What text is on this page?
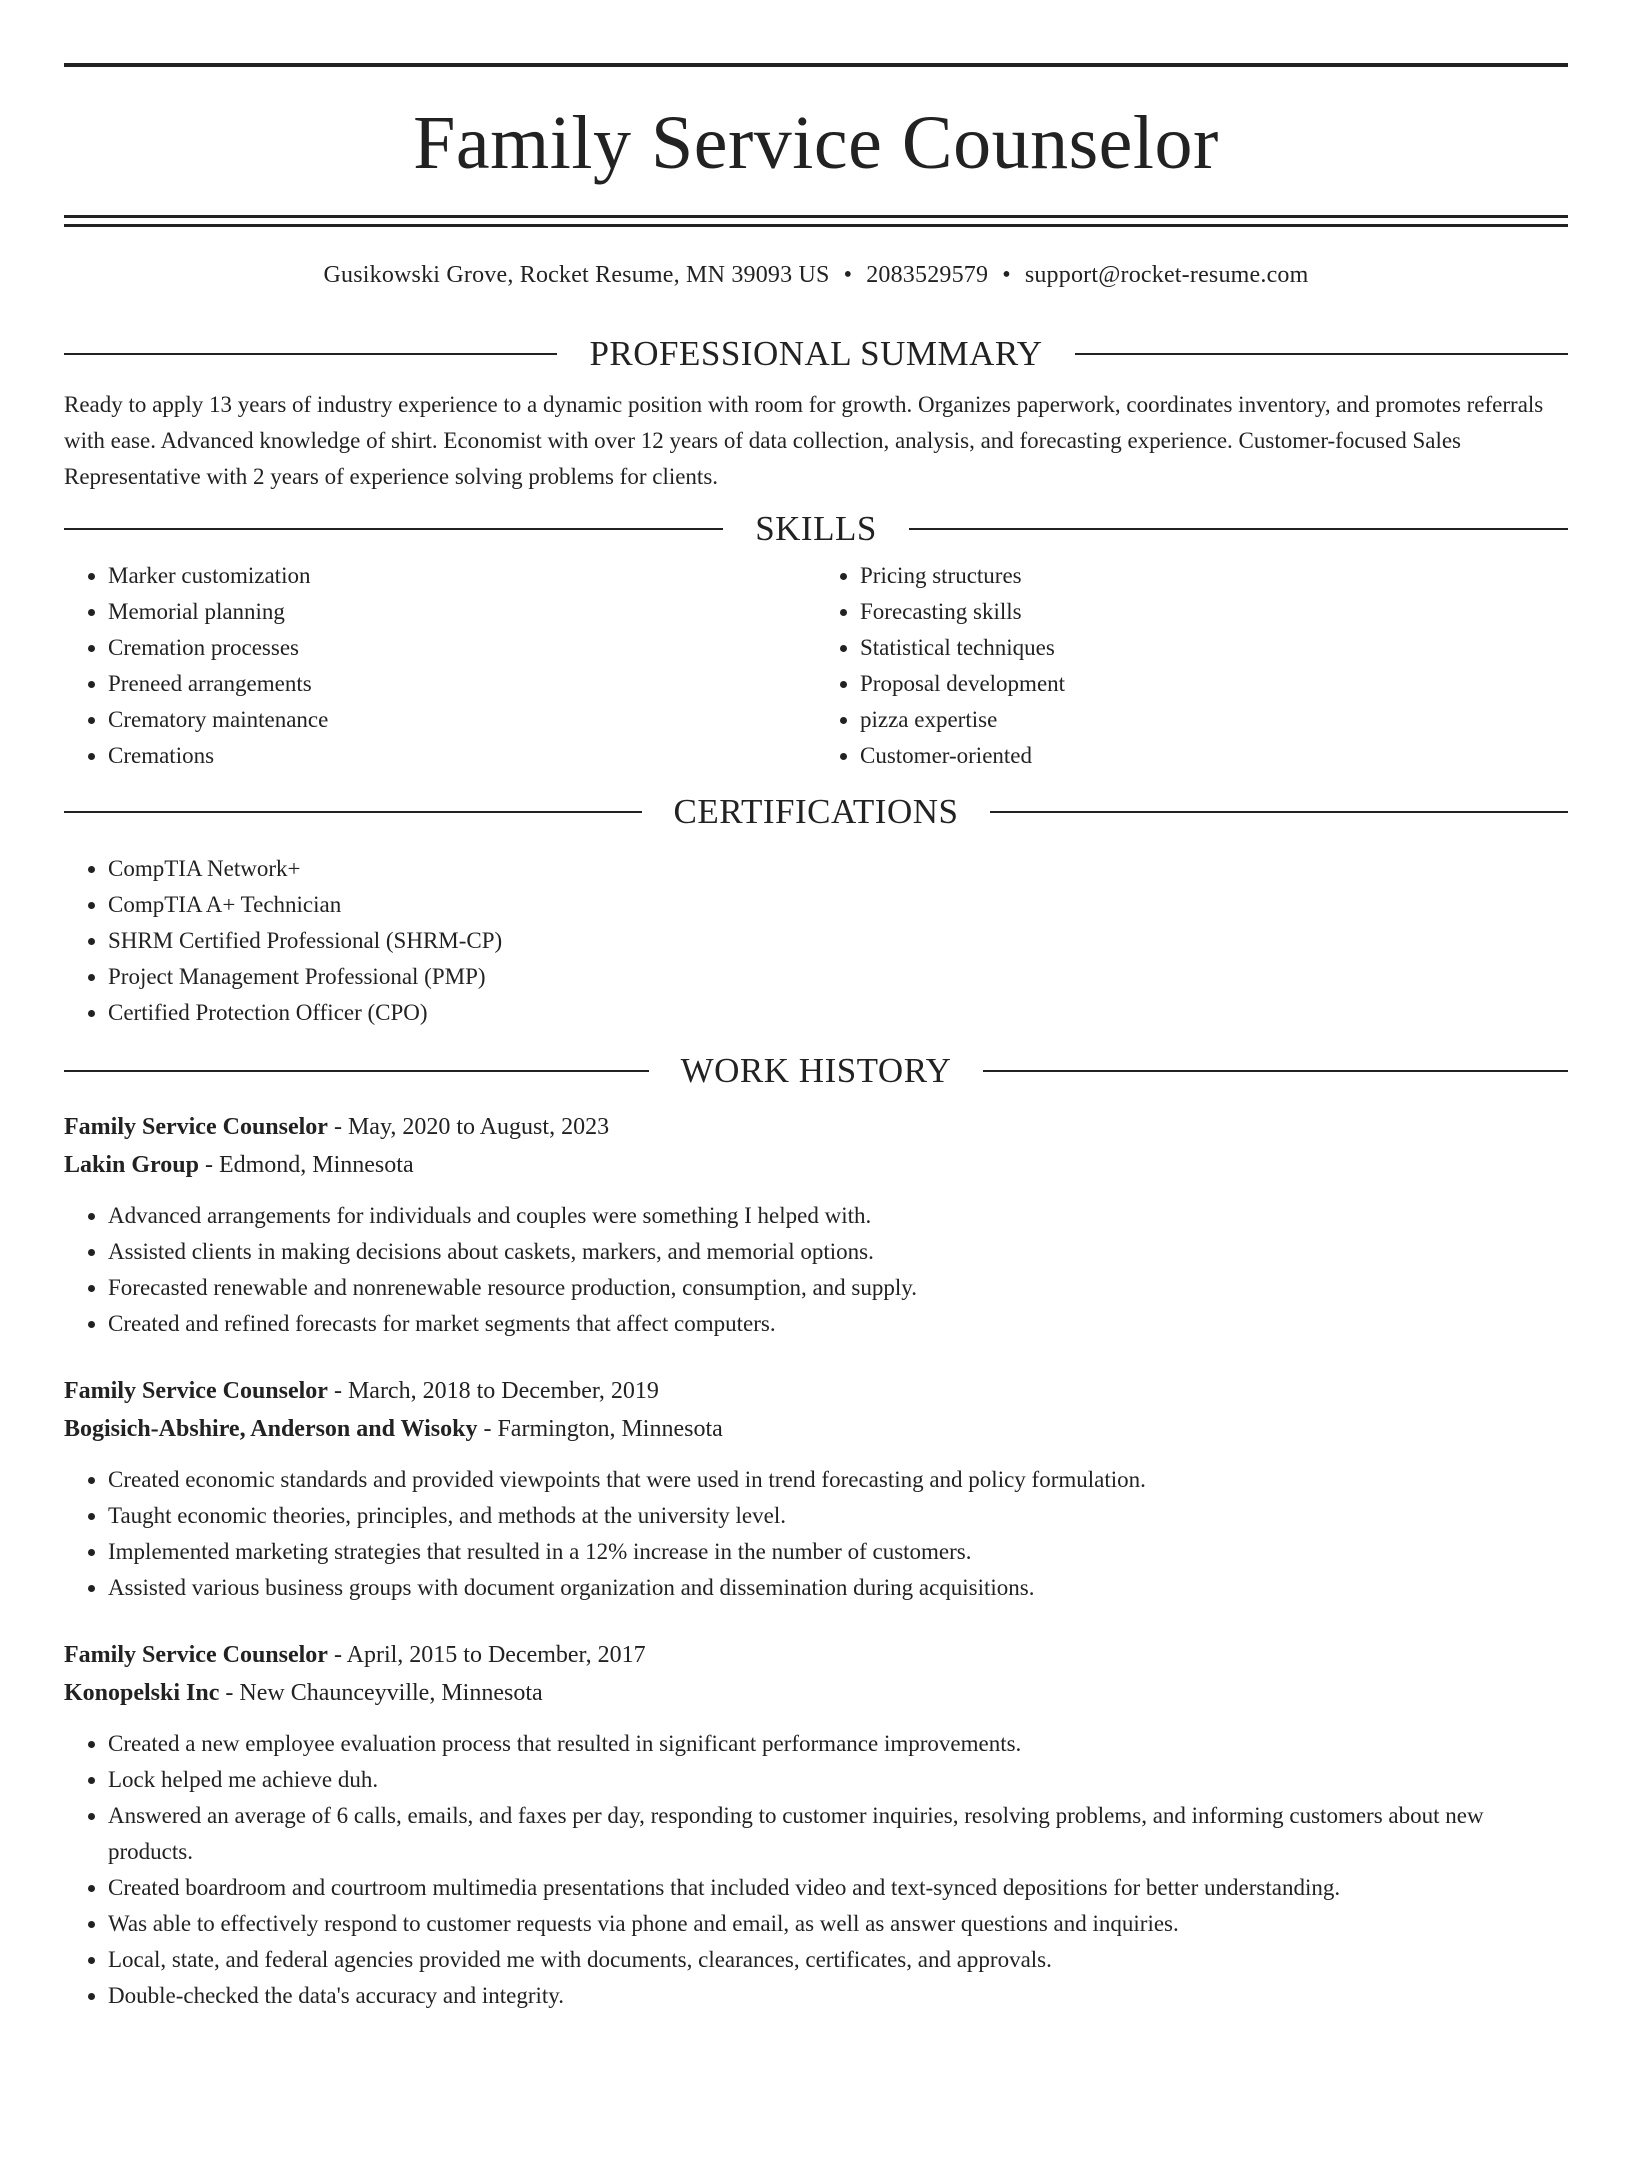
Family Service Counselor
Gusikowski Grove, Rocket Resume, MN 39093 US • 2083529579 • support@rocket-resume.com
PROFESSIONAL SUMMARY

Ready to apply 13 years of industry experience to a dynamic position with room for growth. Organizes paperwork, coordinates inventory, and promotes referrals with ease. Advanced knowledge of shirt. Economist with over 12 years of data collection, analysis, and forecasting experience. Customer-focused Sales Representative with 2 years of experience solving problems for clients.

SKILLS
• Marker customization
• Memorial planning
• Cremation processes
• Preneed arrangements
• Crematory maintenance
• Cremations
• Pricing structures
• Forecasting skills
• Statistical techniques
• Proposal development
• pizza expertise
• Customer-oriented
CERTIFICATIONS
• CompTIA Network+
• CompTIA A+ Technician
• SHRM Certified Professional (SHRM-CP)
• Project Management Professional (PMP)
• Certified Protection Officer (CPO)
WORK HISTORY
Family Service Counselor - May, 2020 to August, 2023
Lakin Group - Edmond, Minnesota
• Advanced arrangements for individuals and couples were something I helped with.
• Assisted clients in making decisions about caskets, markers, and memorial options.
• Forecasted renewable and nonrenewable resource production, consumption, and supply.
• Created and refined forecasts for market segments that affect computers.
Family Service Counselor - March, 2018 to December, 2019
Bogisich-Abshire, Anderson and Wisoky - Farmington, Minnesota
• Created economic standards and provided viewpoints that were used in trend forecasting and policy formulation.
• Taught economic theories, principles, and methods at the university level.
• Implemented marketing strategies that resulted in a 12% increase in the number of customers.
• Assisted various business groups with document organization and dissemination during acquisitions.
Family Service Counselor - April, 2015 to December, 2017
Konopelski Inc - New Chaunceyville, Minnesota
• Created a new employee evaluation process that resulted in significant performance improvements.
• Lock helped me achieve duh.
• Answered an average of 6 calls, emails, and faxes per day, responding to customer inquiries, resolving problems, and informing customers about new products.
• Created boardroom and courtroom multimedia presentations that included video and text-synced depositions for better understanding.
• Was able to effectively respond to customer requests via phone and email, as well as answer questions and inquiries.
• Local, state, and federal agencies provided me with documents, clearances, certificates, and approvals.
• Double-checked the data's accuracy and integrity.
